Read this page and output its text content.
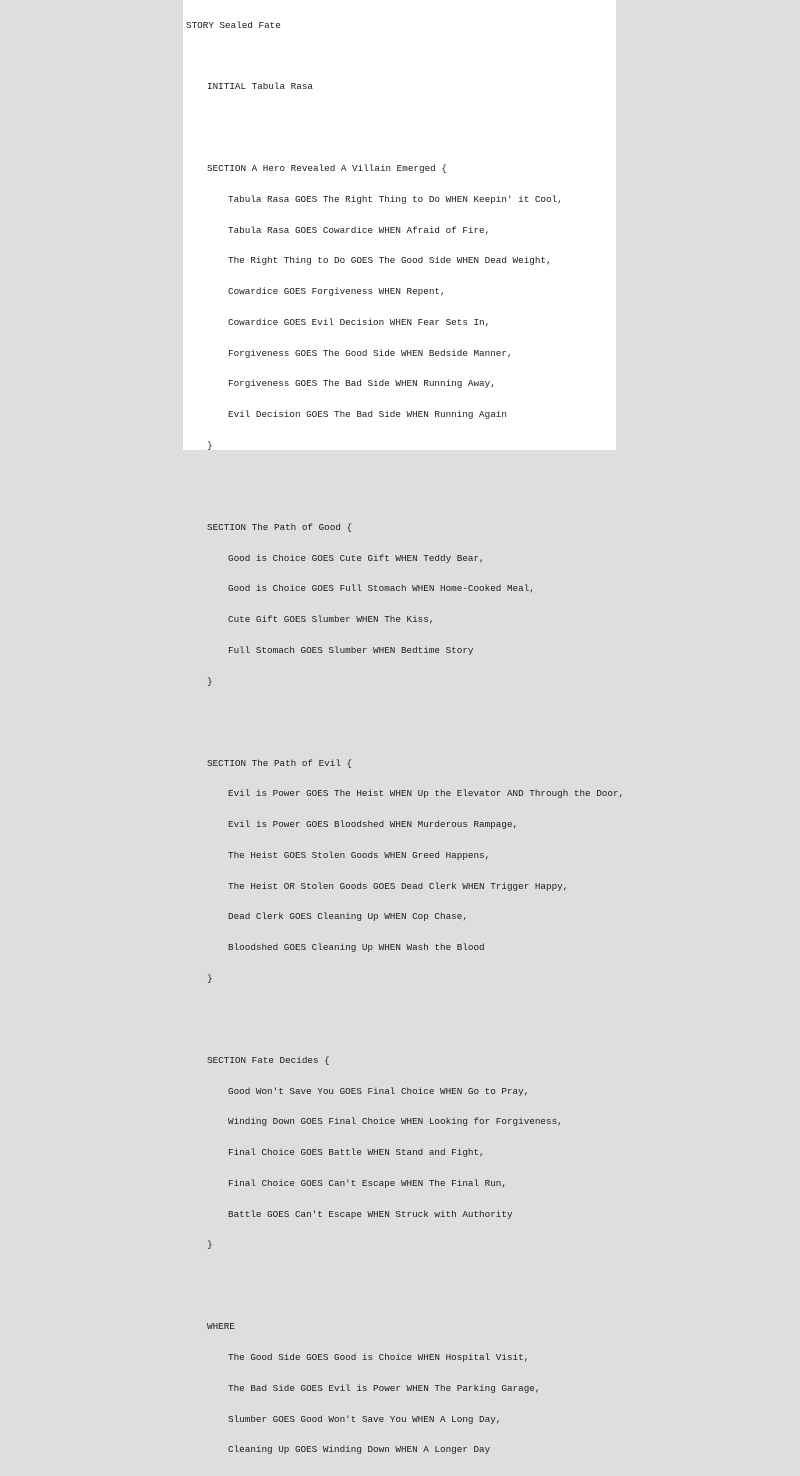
STORY Sealed Fate

INITIAL Tabula Rasa

SECTION A Hero Revealed A Villain Emerged {

Tabula Rasa GOES The Right Thing to Do WHEN Keepin' it Cool,

Tabula Rasa GOES Cowardice WHEN Afraid of Fire,

The Right Thing to Do GOES The Good Side WHEN Dead Weight,

Cowardice GOES Forgiveness WHEN Repent,

Cowardice GOES Evil Decision WHEN Fear Sets In,

Forgiveness GOES The Good Side WHEN Bedside Manner,

Forgiveness GOES The Bad Side WHEN Running Away,

Evil Decision GOES The Bad Side WHEN Running Again

}

SECTION The Path of Good {

Good is Choice GOES Cute Gift WHEN Teddy Bear,

Good is Choice GOES Full Stomach WHEN Home-Cooked Meal,

Cute Gift GOES Slumber WHEN The Kiss,

Full Stomach GOES Slumber WHEN Bedtime Story

}

SECTION The Path of Evil {

Evil is Power GOES The Heist WHEN Up the Elevator AND Through the Door,

Evil is Power GOES Bloodshed WHEN Murderous Rampage,

The Heist GOES Stolen Goods WHEN Greed Happens,

The Heist OR Stolen Goods GOES Dead Clerk WHEN Trigger Happy,

Dead Clerk GOES Cleaning Up WHEN Cop Chase,

Bloodshed GOES Cleaning Up WHEN Wash the Blood

}

SECTION Fate Decides {

Good Won't Save You GOES Final Choice WHEN Go to Pray,

Winding Down GOES Final Choice WHEN Looking for Forgiveness,

Final Choice GOES Battle WHEN Stand and Fight,

Final Choice GOES Can't Escape WHEN The Final Run,

Battle GOES Can't Escape WHEN Struck with Authority

}

WHERE

The Good Side GOES Good is Choice WHEN Hospital Visit,

The Bad Side GOES Evil is Power WHEN The Parking Garage,

Slumber GOES Good Won't Save You WHEN A Long Day,

Cleaning Up GOES Winding Down WHEN A Longer Day
